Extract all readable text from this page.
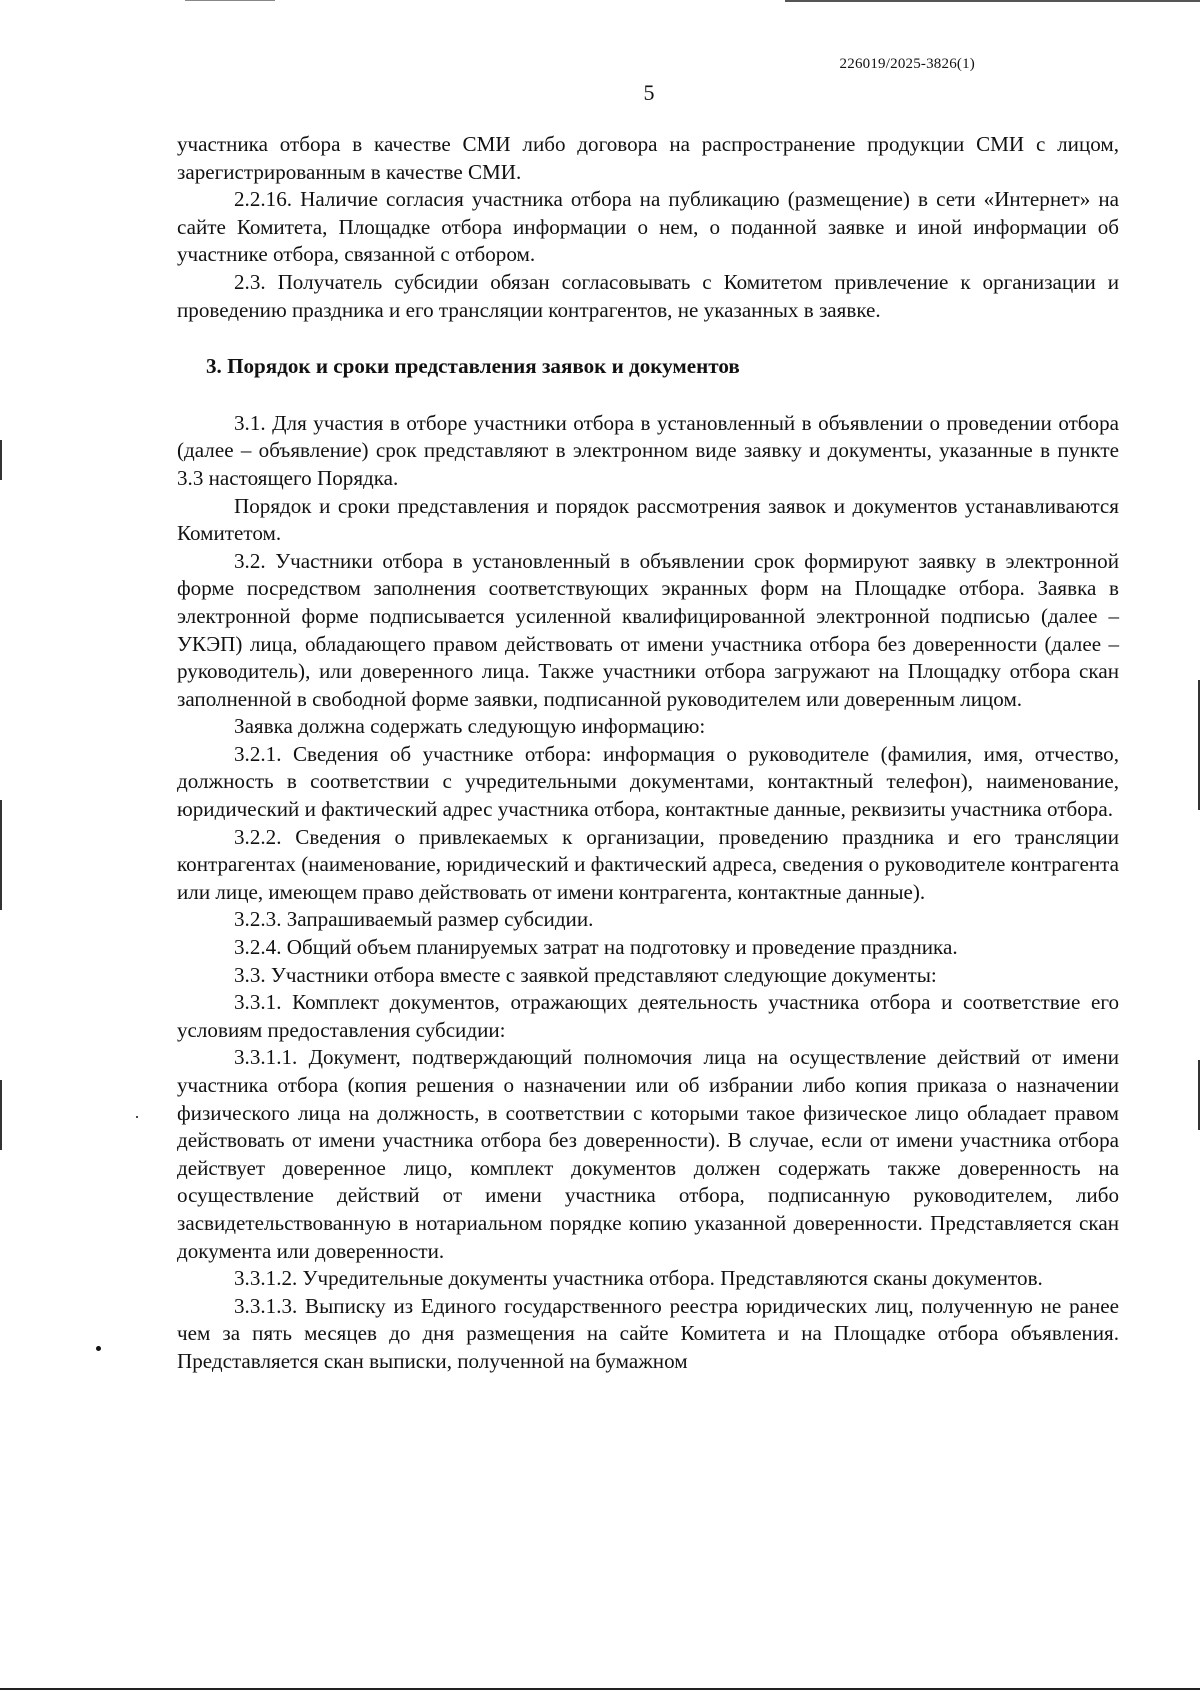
226019/2025-3826(1)
5

участника отбора в качестве СМИ либо договора на распространение продукции СМИ с лицом, зарегистрированным в качестве СМИ.

2.2.16. Наличие согласия участника отбора на публикацию (размещение) в сети «Интернет» на сайте Комитета, Площадке отбора информации о нем, о поданной заявке и иной информации об участнике отбора, связанной с отбором.

2.3. Получатель субсидии обязан согласовывать с Комитетом привлечение к организации и проведению праздника и его трансляции контрагентов, не указанных в заявке.

3. Порядок и сроки представления заявок и документов

3.1. Для участия в отборе участники отбора в установленный в объявлении о проведении отбора (далее – объявление) срок представляют в электронном виде заявку и документы, указанные в пункте 3.3 настоящего Порядка.

Порядок и сроки представления и порядок рассмотрения заявок и документов устанавливаются Комитетом.

3.2. Участники отбора в установленный в объявлении срок формируют заявку в электронной форме посредством заполнения соответствующих экранных форм на Площадке отбора. Заявка в электронной форме подписывается усиленной квалифицированной электронной подписью (далее – УКЭП) лица, обладающего правом действовать от имени участника отбора без доверенности (далее – руководитель), или доверенного лица. Также участники отбора загружают на Площадку отбора скан заполненной в свободной форме заявки, подписанной руководителем или доверенным лицом.

Заявка должна содержать следующую информацию:

3.2.1. Сведения об участнике отбора: информация о руководителе (фамилия, имя, отчество, должность в соответствии с учредительными документами, контактный телефон), наименование, юридический и фактический адрес участника отбора, контактные данные, реквизиты участника отбора.

3.2.2. Сведения о привлекаемых к организации, проведению праздника и его трансляции контрагентах (наименование, юридический и фактический адреса, сведения о руководителе контрагента или лице, имеющем право действовать от имени контрагента, контактные данные).

3.2.3. Запрашиваемый размер субсидии.

3.2.4. Общий объем планируемых затрат на подготовку и проведение праздника.

3.3. Участники отбора вместе с заявкой представляют следующие документы:

3.3.1. Комплект документов, отражающих деятельность участника отбора и соответствие его условиям предоставления субсидии:

3.3.1.1. Документ, подтверждающий полномочия лица на осуществление действий от имени участника отбора (копия решения о назначении или об избрании либо копия приказа о назначении физического лица на должность, в соответствии с которыми такое физическое лицо обладает правом действовать от имени участника отбора без доверенности). В случае, если от имени участника отбора действует доверенное лицо, комплект документов должен содержать также доверенность на осуществление действий от имени участника отбора, подписанную руководителем, либо засвидетельствованную в нотариальном порядке копию указанной доверенности. Представляется скан документа или доверенности.

3.3.1.2. Учредительные документы участника отбора. Представляются сканы документов.

3.3.1.3. Выписку из Единого государственного реестра юридических лиц, полученную не ранее чем за пять месяцев до дня размещения на сайте Комитета и на Площадке отбора объявления. Представляется скан выписки, полученной на бумажном
